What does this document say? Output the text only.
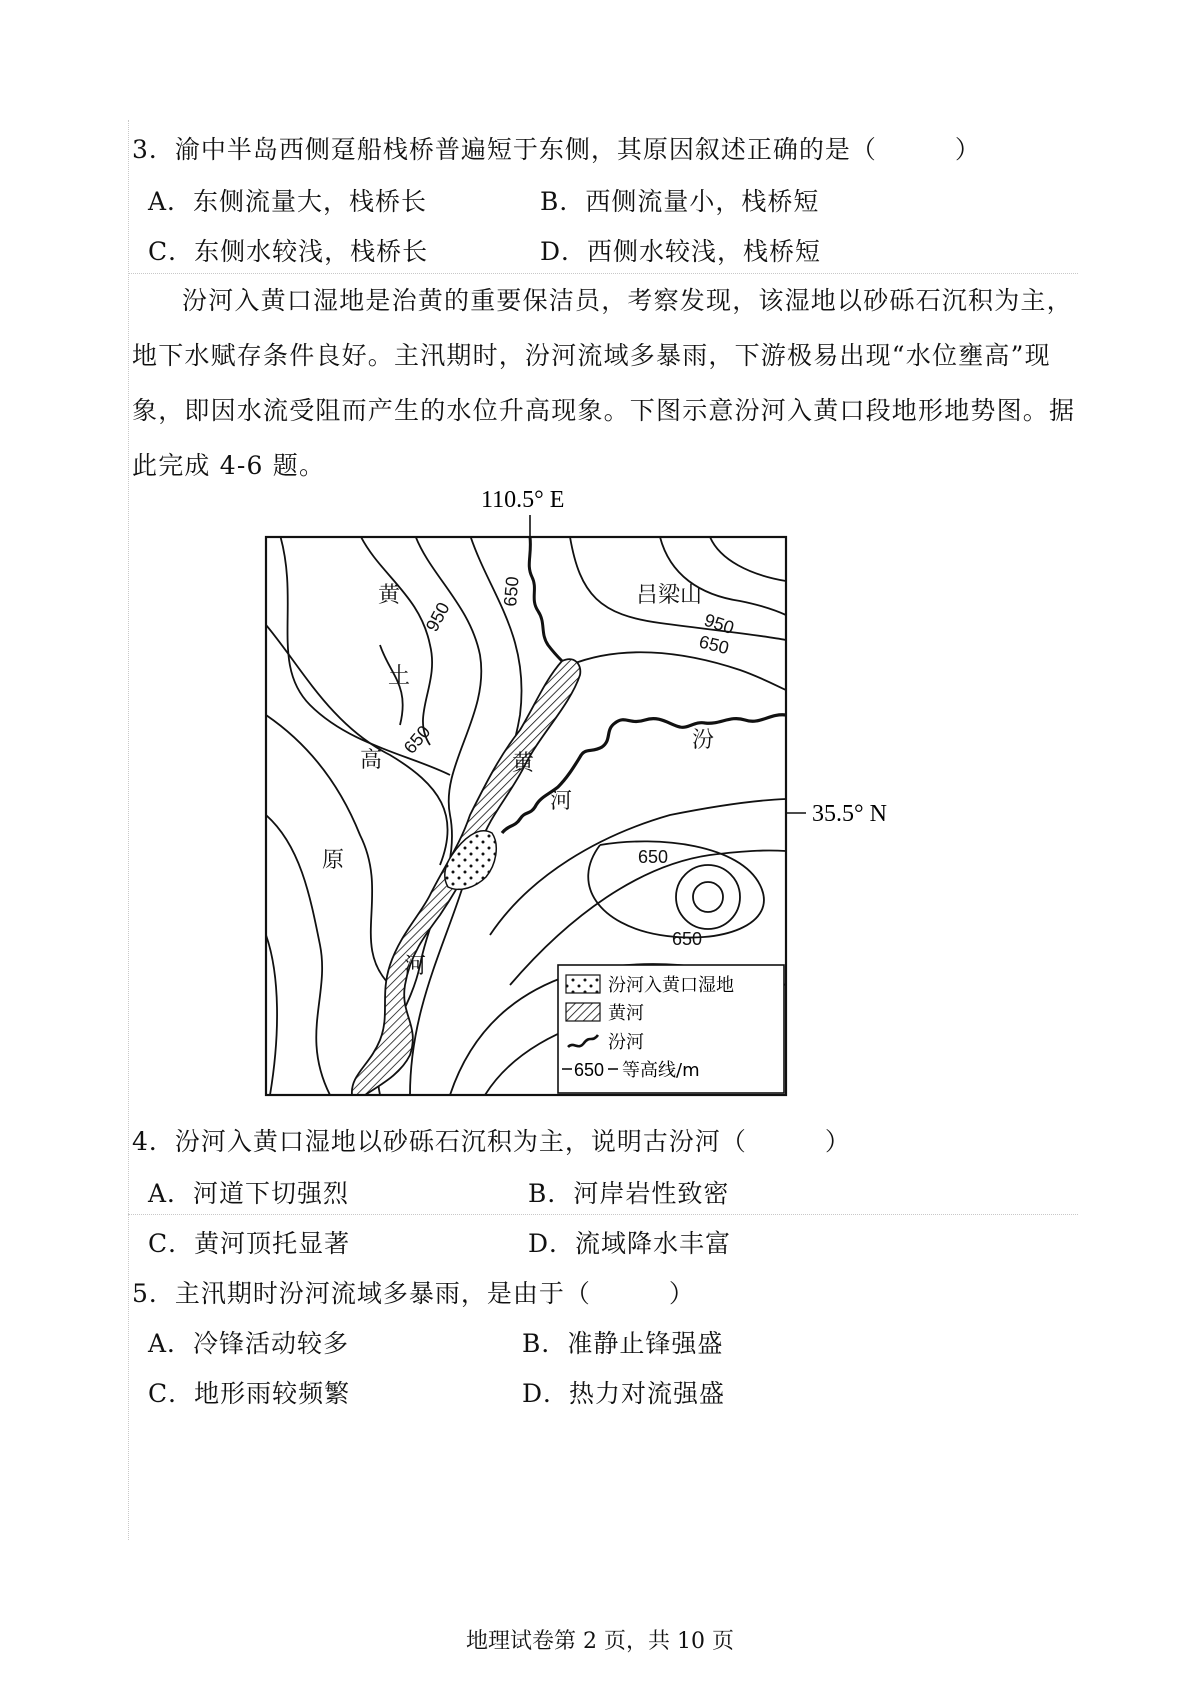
3．渝中半岛西侧趸船栈桥普遍短于东侧，其原因叙述正确的是（　　　）
A．东侧流量大，栈桥长	B．西侧流量小，栈桥短
C．东侧水较浅，栈桥长	D．西侧水较浅，栈桥短

汾河入黄口湿地是治黄的重要保洁员，考察发现，该湿地以砂砾石沉积为主，地下水赋存条件良好。主汛期时，汾河流域多暴雨，下游极易出现“水位壅高”现象，即因水流受阻而产生的水位升高现象。下图示意汾河入黄口段地形地势图。据此完成 4-6 题。

110.5° E
35.5° N
950
650
650
950
650
650
650
黄
土
高
原
吕梁山
黄
河
汾
河
汾河入黄口湿地
黄河
汾河
650 等高线/m
4．汾河入黄口湿地以砂砾石沉积为主，说明古汾河（　　　）
A．河道下切强烈	B．河岸岩性致密
C．黄河顶托显著	D．流域降水丰富
5．主汛期时汾河流域多暴雨，是由于（　　　）
A．冷锋活动较多	B．准静止锋强盛
C．地形雨较频繁	D．热力对流强盛
地理试卷第 2 页，共 10 页
